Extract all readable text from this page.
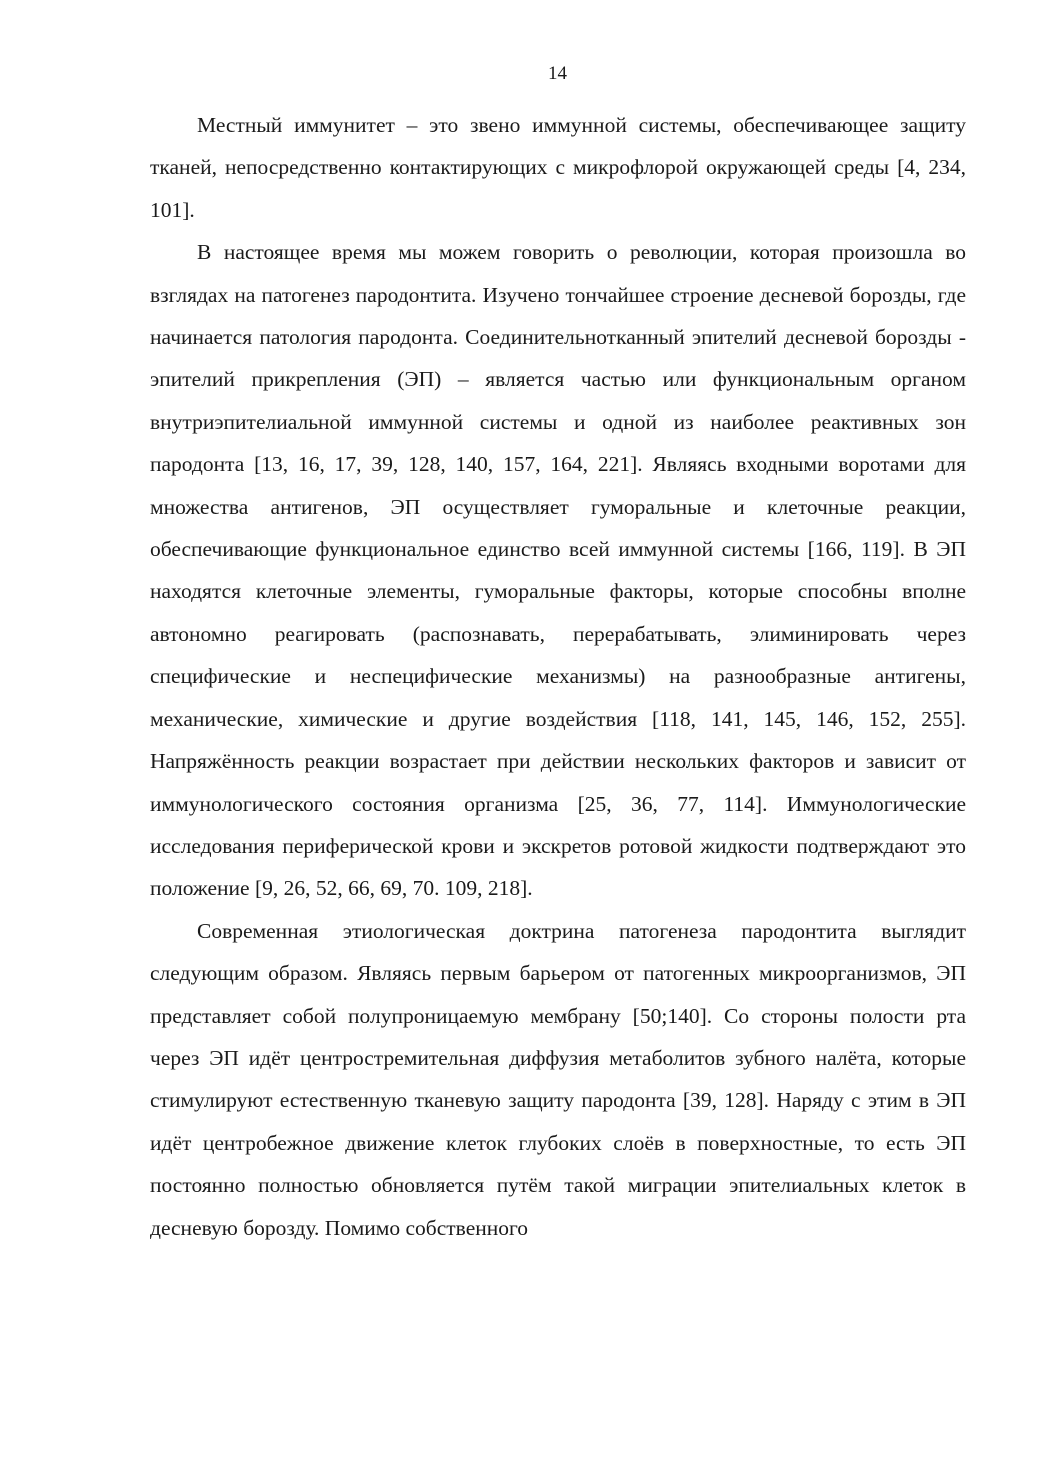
14

Местный иммунитет – это звено иммунной системы, обеспечивающее защиту тканей, непосредственно контактирующих с микрофлорой окружающей среды [4, 234, 101].

В настоящее время мы можем говорить о революции, которая произошла во взглядах на патогенез пародонтита. Изучено тончайшее строение десневой борозды, где начинается патология пародонта. Соединительнотканный эпителий десневой борозды - эпителий прикрепления (ЭП) – является частью или функциональным органом внутриэпителиальной иммунной системы и одной из наиболее реактивных зон пародонта [13, 16, 17, 39, 128, 140, 157, 164, 221]. Являясь входными воротами для множества антигенов, ЭП осуществляет гуморальные и клеточные реакции, обеспечивающие функциональное единство всей иммунной системы [166, 119]. В ЭП находятся клеточные элементы, гуморальные факторы, которые способны вполне автономно реагировать (распознавать, перерабатывать, элиминировать через специфические и неспецифические механизмы) на разнообразные антигены, механические, химические и другие воздействия [118, 141, 145, 146, 152, 255]. Напряжённость реакции возрастает при действии нескольких факторов и зависит от иммунологического состояния организма [25, 36, 77, 114]. Иммунологические исследования периферической крови и экскретов ротовой жидкости подтверждают это положение [9, 26, 52, 66, 69, 70. 109, 218].

Современная этиологическая доктрина патогенеза пародонтита выглядит следующим образом. Являясь первым барьером от патогенных микроорганизмов, ЭП представляет собой полупроницаемую мембрану [50;140]. Со стороны полости рта через ЭП идёт центростремительная диффузия метаболитов зубного налёта, которые стимулируют естественную тканевую защиту пародонта [39, 128]. Наряду с этим в ЭП идёт центробежное движение клеток глубоких слоёв в поверхностные, то есть ЭП постоянно полностью обновляется путём такой миграции эпителиальных клеток в десневую борозду. Помимо собственного
